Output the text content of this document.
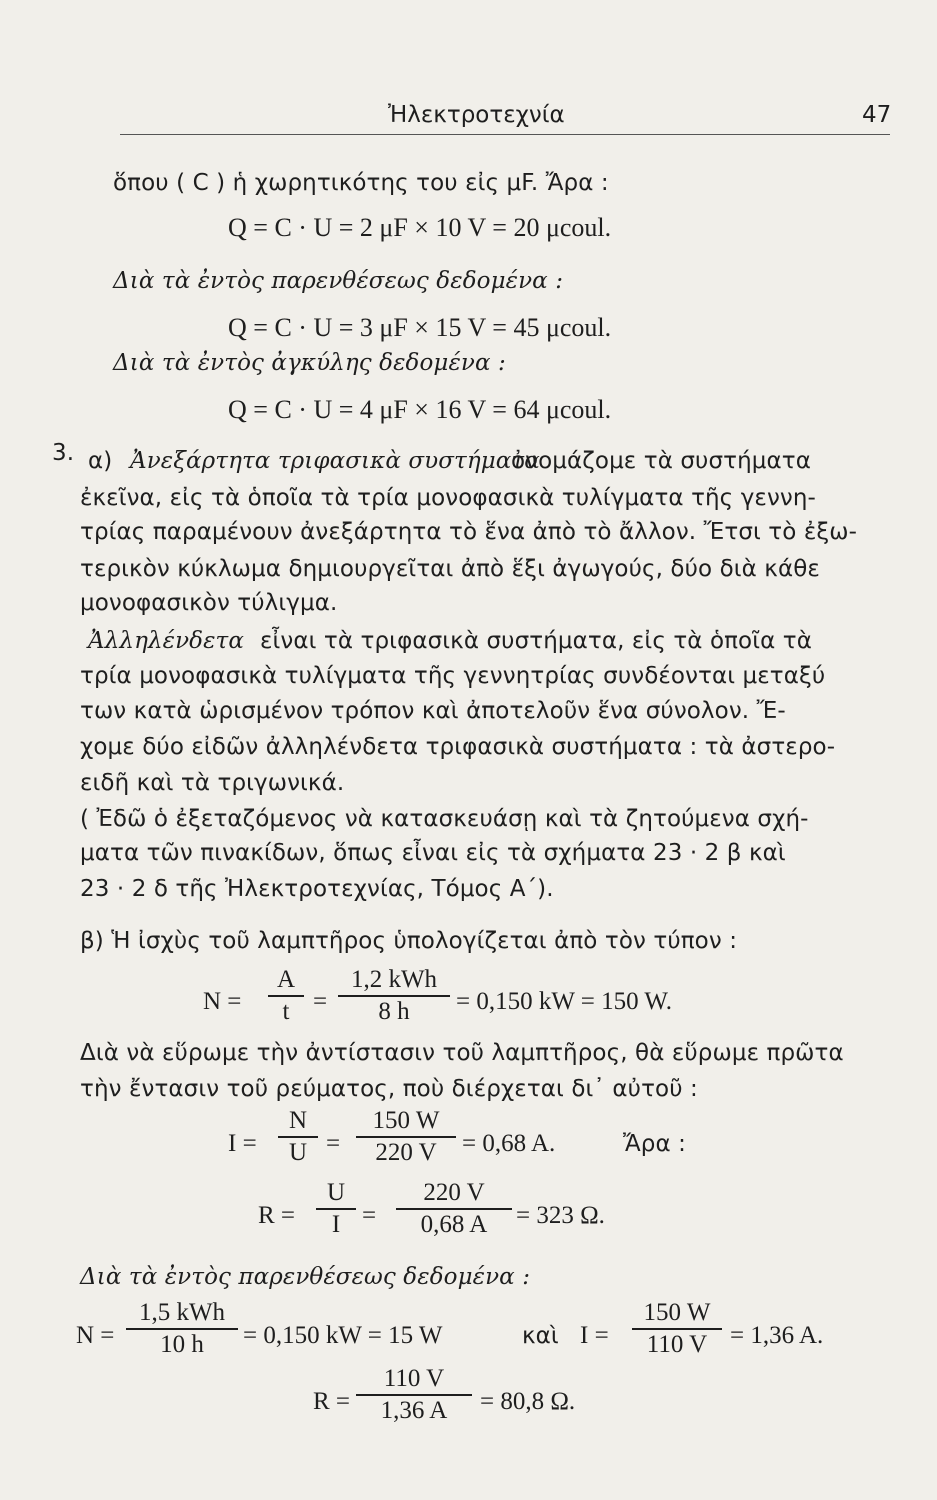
Ἠλεκτροτεχνία	47
ὅπου ( C ) ἡ χωρητικότης του εἰς μF. Ἄρα :
Q = C · U = 2 μF × 10 V = 20 μcoul.
Διὰ τὰ ἐντὸς παρενθέσεως δεδομένα :
Q = C · U = 3 μF × 15 V = 45 μcoul.
Διὰ τὰ ἐντὸς ἀγκύλης δεδομένα :
Q = C · U = 4 μF × 16 V = 64 μcoul.
3. α) Ἀνεξάρτητα τριφασικὰ συστήματα
ὀνομάζομε τὰ συστήματα
ἐκεῖνα, εἰς τὰ ὁποῖα τὰ τρία μονοφασικὰ τυλίγματα τῆς γεννη-
τρίας παραμένουν ἀνεξάρτητα τὸ ἕνα ἀπὸ τὸ ἄλλον. Ἔτσι τὸ ἐξω-
τερικὸν κύκλωμα δημιουργεῖται ἀπὸ ἕξι ἀγωγούς, δύο διὰ κάθε
μονοφασικὸν τύλιγμα.
Ἀλληλένδετα εἶναι τὰ τριφασικὰ συστήματα, εἰς τὰ ὁποῖα τὰ
τρία μονοφασικὰ τυλίγματα τῆς γεννητρίας συνδέονται μεταξύ
των κατὰ ὡρισμένον τρόπον καὶ ἀποτελοῦν ἕνα σύνολον. Ἔ-
χομε δύο εἰδῶν ἀλληλένδετα τριφασικὰ συστήματα : τὰ ἀστερο-
ειδῆ καὶ τὰ τριγωνικά.
( Ἐδῶ ὁ ἐξεταζόμενος νὰ κατασκευάσῃ καὶ τὰ ζητούμενα σχή-
ματα τῶν πινακίδων, ὅπως εἶναι εἰς τὰ σχήματα 23 · 2 β καὶ
23 · 2 δ τῆς Ἠλεκτροτεχνίας, Τόμος Α΄).
β) Ἡ ἰσχὺς τοῦ λαμπτῆρος ὑπολογίζεται ἀπὸ τὸν τύπον :
N =
A
t =
1,2 kWh
8 h	= 0,150 kW = 150 W.
Διὰ νὰ εὕρωμε τὴν ἀντίστασιν τοῦ λαμπτῆρος, θὰ εὕρωμε πρῶτα
τὴν ἔντασιν τοῦ ρεύματος, ποὺ διέρχεται δι᾿ αὐτοῦ :
I =
N
U =
150 W
220 V	= 0,68 A.	Ἄρα :
R =
U
I =
220 V
0,68 A	= 323 Ω.
Διὰ τὰ ἐντὸς παρενθέσεως δεδομένα :
N =
1,5 kWh
10 h	= 0,150 kW = 15 W	καὶ I =
150 W
110 V = 1,36 A.
R =
110 V
1,36 A	= 80,8 Ω.
